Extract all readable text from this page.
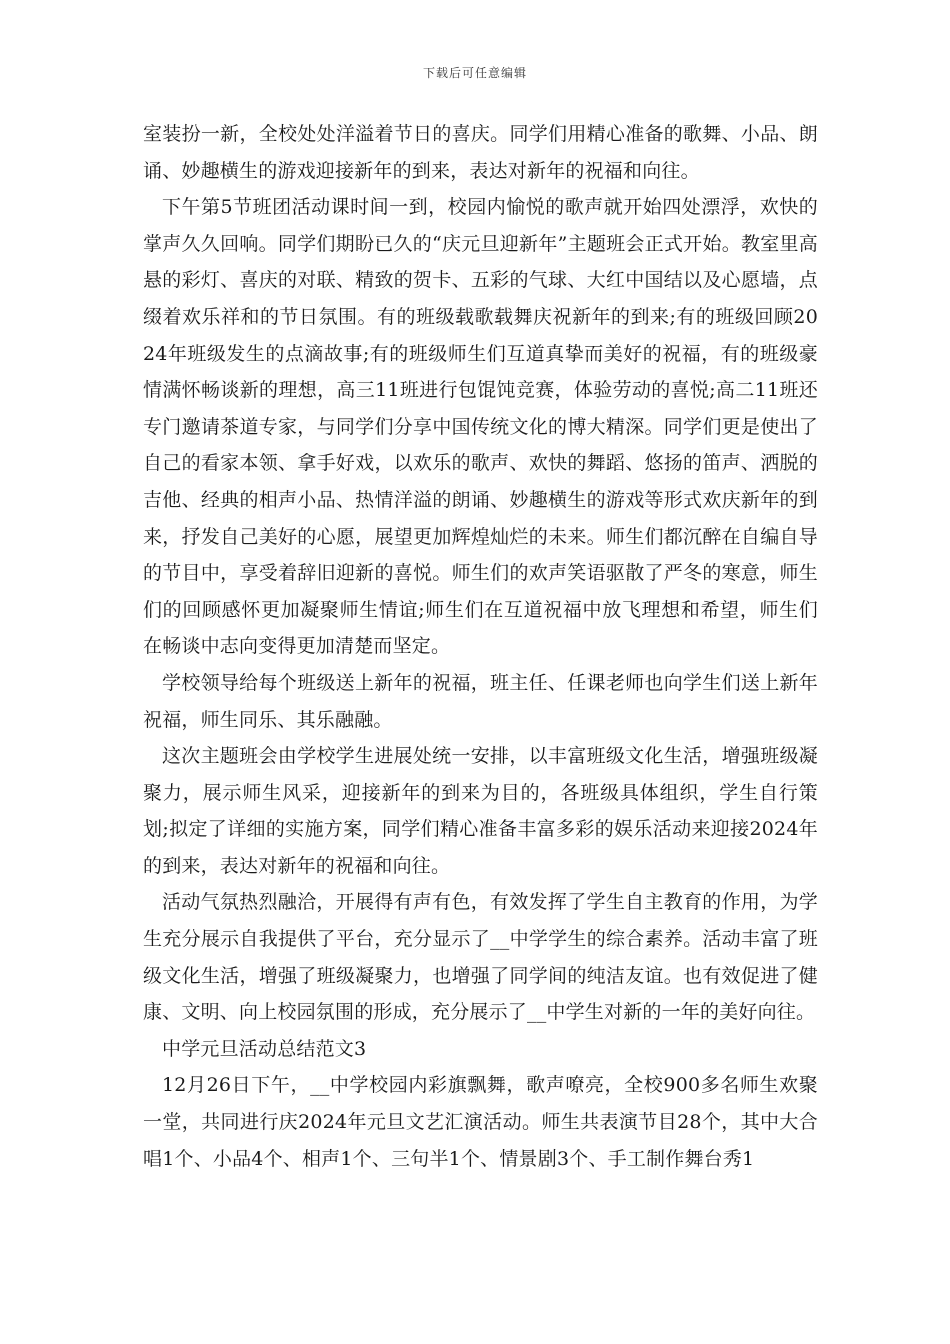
下载后可任意编辑

室装扮一新，全校处处洋溢着节日的喜庆。同学们用精心准备的歌舞、小品、朗诵、妙趣横生的游戏迎接新年的到来，表达对新年的祝福和向往。

下午第5节班团活动课时间一到，校园内愉悦的歌声就开始四处漂浮，欢快的掌声久久回响。同学们期盼已久的“庆元旦迎新年”主题班会正式开始。教室里高悬的彩灯、喜庆的对联、精致的贺卡、五彩的气球、大红中国结以及心愿墙，点缀着欢乐祥和的节日氛围。有的班级载歌载舞庆祝新年的到来;有的班级回顾2024年班级发生的点滴故事;有的班级师生们互道真挚而美好的祝福，有的班级豪情满怀畅谈新的理想，高三11班进行包馄饨竞赛，体验劳动的喜悦;高二11班还专门邀请茶道专家，与同学们分享中国传统文化的博大精深。同学们更是使出了自己的看家本领、拿手好戏，以欢乐的歌声、欢快的舞蹈、悠扬的笛声、洒脱的吉他、经典的相声小品、热情洋溢的朗诵、妙趣横生的游戏等形式欢庆新年的到来，抒发自己美好的心愿，展望更加辉煌灿烂的未来。师生们都沉醉在自编自导的节目中，享受着辞旧迎新的喜悦。师生们的欢声笑语驱散了严冬的寒意，师生们的回顾感怀更加凝聚师生情谊;师生们在互道祝福中放飞理想和希望，师生们在畅谈中志向变得更加清楚而坚定。

学校领导给每个班级送上新年的祝福，班主任、任课老师也向学生们送上新年祝福，师生同乐、其乐融融。

这次主题班会由学校学生进展处统一安排，以丰富班级文化生活，增强班级凝聚力，展示师生风采，迎接新年的到来为目的，各班级具体组织，学生自行策划;拟定了详细的实施方案，同学们精心准备丰富多彩的娱乐活动来迎接2024年的到来，表达对新年的祝福和向往。

活动气氛热烈融洽，开展得有声有色，有效发挥了学生自主教育的作用，为学生充分展示自我提供了平台，充分显示了__中学学生的综合素养。活动丰富了班级文化生活，增强了班级凝聚力，也增强了同学间的纯洁友谊。也有效促进了健康、文明、向上校园氛围的形成，充分展示了__中学生对新的一年的美好向往。

中学元旦活动总结范文3

12月26日下午，__中学校园内彩旗飘舞，歌声嘹亮，全校900多名师生欢聚一堂，共同进行庆2024年元旦文艺汇演活动。师生共表演节目28个，其中大合唱1个、小品4个、相声1个、三句半1个、情景剧3个、手工制作舞台秀1
